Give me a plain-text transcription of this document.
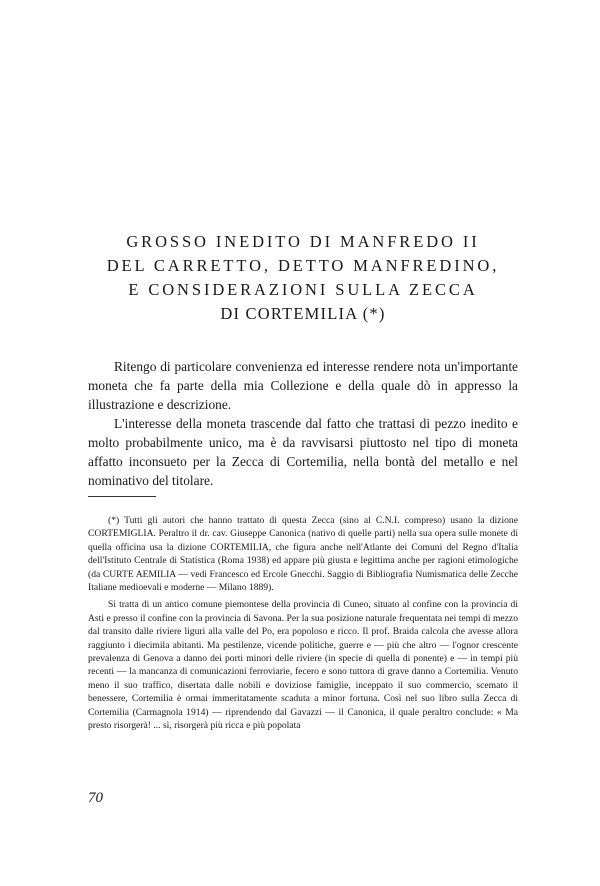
GROSSO INEDITO DI MANFREDO II
DEL CARRETTO, DETTO MANFREDINO,
E CONSIDERAZIONI SULLA ZECCA
DI CORTEMILIA (*)

Ritengo di particolare convenienza ed interesse rendere nota un'importante moneta che fa parte della mia Collezione e della quale dò in appresso la illustrazione e descrizione.

L'interesse della moneta trascende dal fatto che trattasi di pezzo inedito e molto probabilmente unico, ma è da ravvisarsi piuttosto nel tipo di moneta affatto inconsueto per la Zecca di Cortemilia, nella bontà del metallo e nel nominativo del titolare.

(*) Tutti gli autori che hanno trattato di questa Zecca (sino al C.N.I. compreso) usano la dizione CORTEMIGLIA. Peraltro il dr. cav. Giuseppe Canonica (nativo di quelle parti) nella sua opera sulle monete di quella officina usa la dizione CORTEMILIA, che figura anche nell'Atlante dei Comuni del Regno d'Italia dell'Istituto Centrale di Statistica (Roma 1938) ed appare più giusta e legittima anche per ragioni etimologiche (da CURTE AEMILIA — vedi Francesco ed Ercole Gnecchi. Saggio di Bibliografia Numismatica delle Zecche Italiane medioevali e moderne — Milano 1889).

Si tratta di un antico comune piemontese della provincia di Cuneo, situato al confine con la provincia di Asti e presso il confine con la provincia di Savona. Per la sua posizione naturale frequentata nei tempi di mezzo dal transito dalle riviere liguri alla valle del Po, era popoloso e ricco. Il prof. Braida calcola che avesse allora raggiunto i diecimila abitanti. Ma pestilenze, vicende politiche, guerre e — più che altro — l'ognor crescente prevalenza di Genova a danno dei porti minori delle riviere (in specie di quella di ponente) e — in tempi più recenti — la mancanza di comunicazioni ferroviarie, fecero e sono tuttora di grave danno a Cortemilia. Venuto meno il suo traffico, disertata dalle nobili e doviziose famiglie, inceppato il suo commercio, scemato il benessere, Cortemilia è ormai immeritatamente scaduta a minor fortuna. Così nel suo libro sulla Zecca di Cortemilia (Carmagnola 1914) — riprendendo dal Gavazzi — il Canonica, il quale peraltro conclude: « Ma presto risorgerà! ... sì, risorgerà più ricca e più popolata

70
